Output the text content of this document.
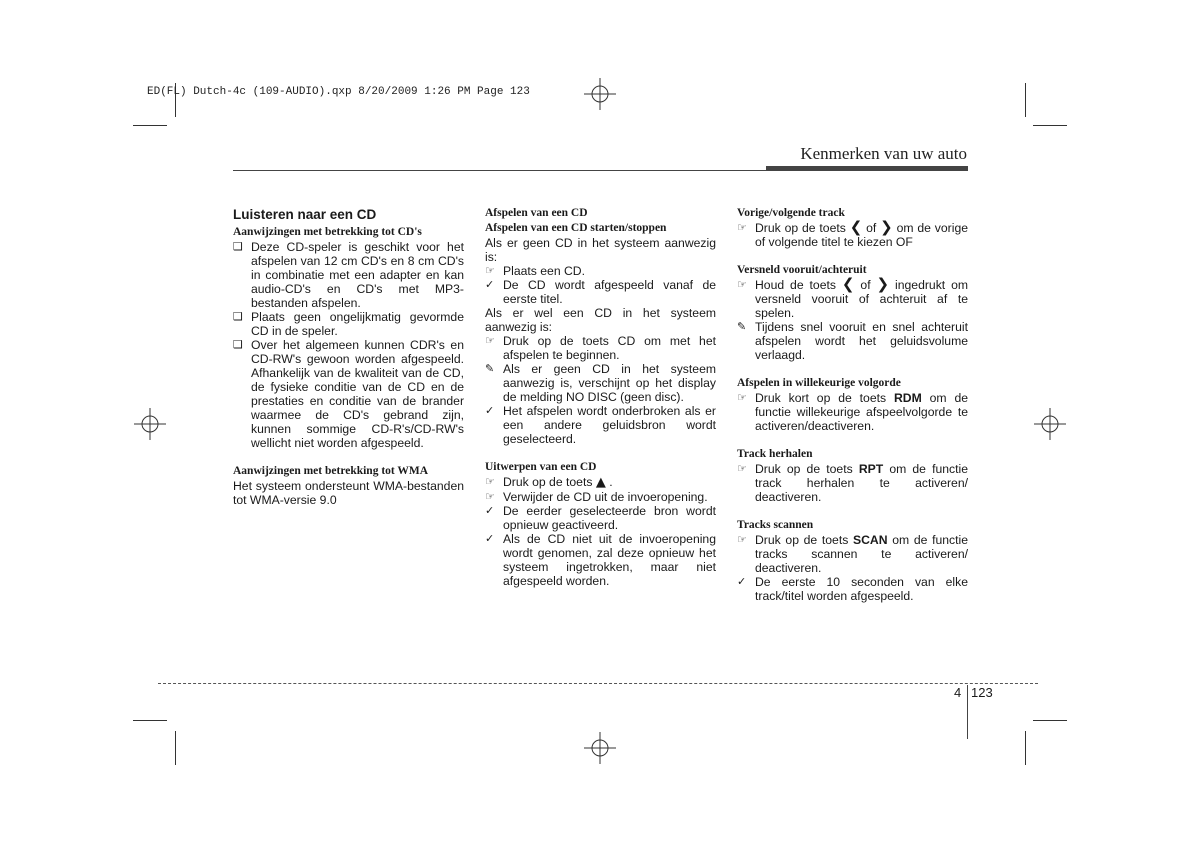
ED(FL) Dutch-4c (109-AUDIO).qxp 8/20/2009 1:26 PM Page 123
Kenmerken van uw auto

Luisteren naar een CD

Aanwijzingen met betrekking tot CD's

❑ Deze CD-speler is geschikt voor het afspelen van 12 cm CD's en 8 cm CD's in combinatie met een adapter en kan audio-CD's en CD's met MP3-bestanden afspelen.
❑ Plaats geen ongelijkmatig gevormde CD in de speler.
❑ Over het algemeen kunnen CDR's en CD-RW's gewoon worden afgespeeld. Afhankelijk van de kwaliteit van de CD, de fysieke conditie van de CD en de prestaties en conditie van de brander waarmee de CD's gebrand zijn, kunnen sommige CD-R's/CD-RW's wellicht niet worden afgespeeld.

Aanwijzingen met betrekking tot WMA

Het systeem ondersteunt WMA-bestanden tot WMA-versie 9.0

Afspelen van een CD

Afspelen van een CD starten/stoppen

Als er geen CD in het systeem aanwezig is:

☞ Plaats een CD.
✓ De CD wordt afgespeeld vanaf de eerste titel.

Als er wel een CD in het systeem aanwezig is:

☞ Druk op de toets CD om met het afspelen te beginnen.
✎ Als er geen CD in het systeem aanwezig is, verschijnt op het display de melding NO DISC (geen disc).
✓ Het afspelen wordt onderbroken als er een andere geluidsbron wordt geselecteerd.

Uitwerpen van een CD

☞ Druk op de toets ▲ .
☞ Verwijder de CD uit de invoeropening.
✓ De eerder geselecteerde bron wordt opnieuw geactiveerd.
✓ Als de CD niet uit de invoeropening wordt genomen, zal deze opnieuw het systeem ingetrokken, maar niet afgespeeld worden.

Vorige/volgende track

☞ Druk op de toets ❮ of ❯ om de vorige of volgende titel te kiezen OF

Versneld vooruit/achteruit

☞ Houd de toets ❮ of ❯ ingedrukt om versneld vooruit of achteruit af te spelen.
✎ Tijdens snel vooruit en snel achteruit afspelen wordt het geluidsvolume verlaagd.

Afspelen in willekeurige volgorde

☞ Druk kort op de toets RDM om de functie willekeurige afspeelvolgorde te activeren/deactiveren.

Track herhalen

☞ Druk op de toets RPT om de functie track herhalen te activeren/ deactiveren.

Tracks scannen

☞ Druk op de toets SCAN om de functie tracks scannen te activeren/ deactiveren.
✓ De eerste 10 seconden van elke track/titel worden afgespeeld.
4 123
